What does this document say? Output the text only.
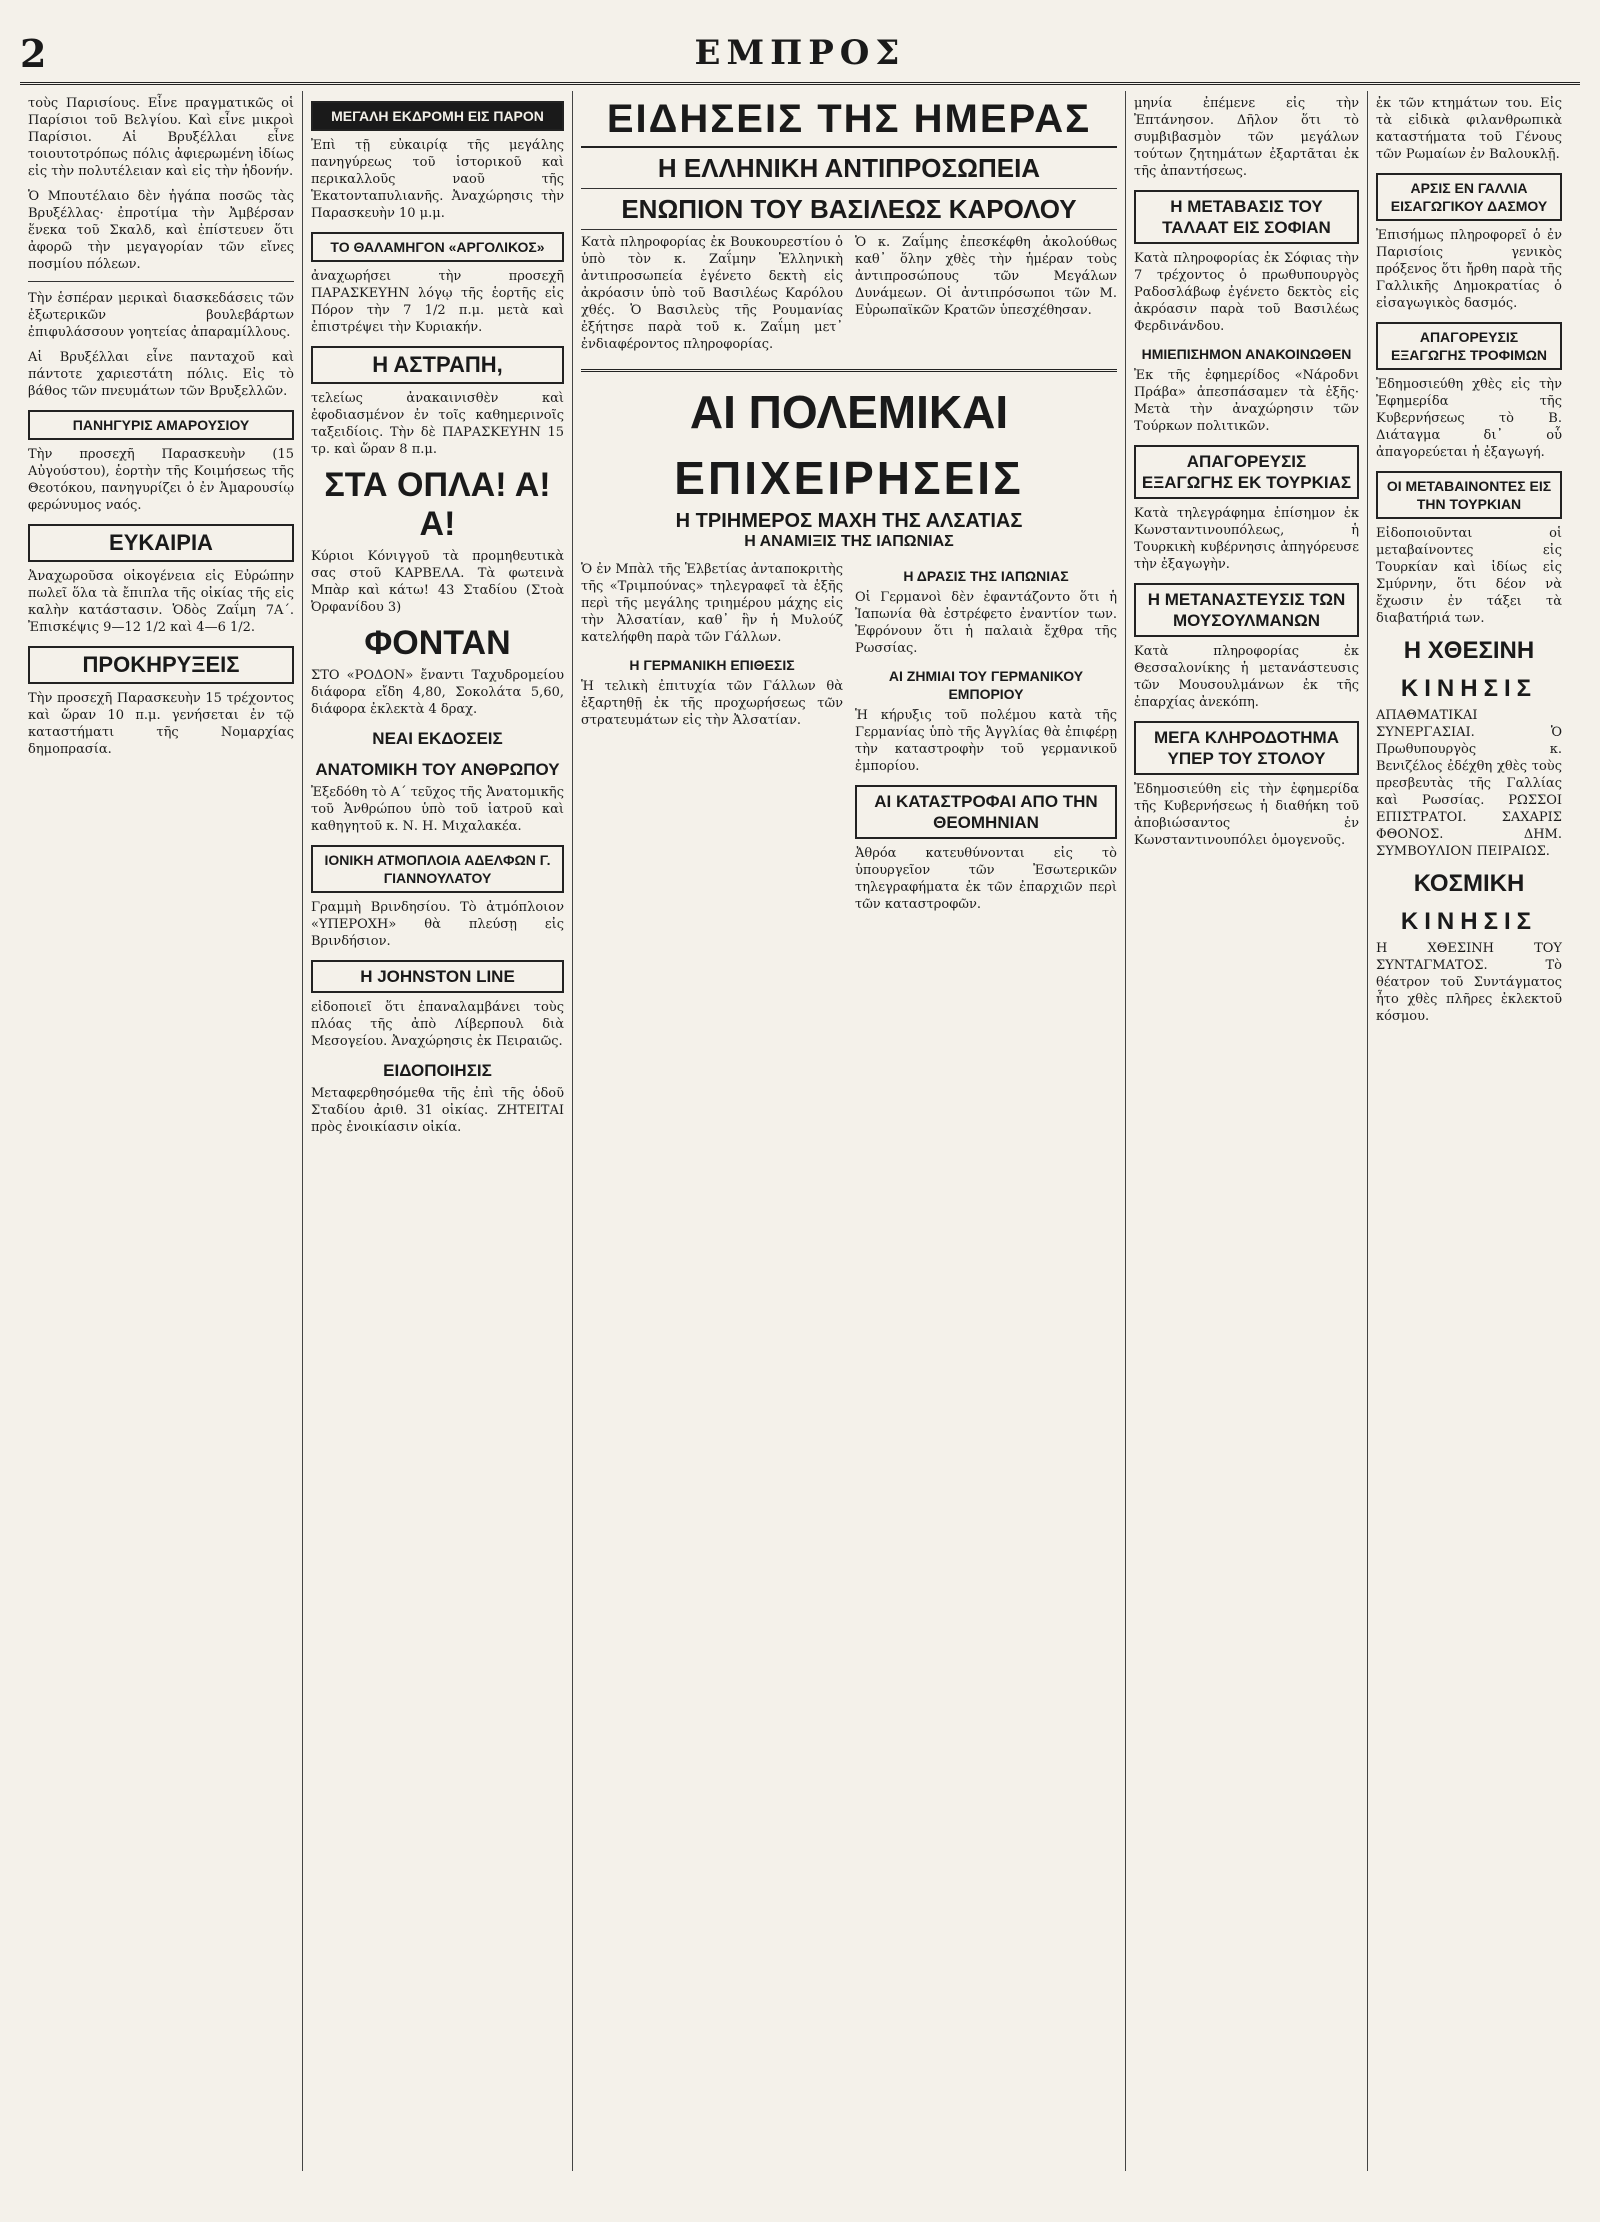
2	ΕΜΠΡΟΣ

τοὺς Παρισίους. Εἶνε πραγματικῶς οἱ Παρίσιοι τοῦ Βελγίου. Καὶ εἶνε μικροὶ Παρίσιοι. Αἱ Βρυξέλλαι εἶνε τοιουτοτρόπως πόλις ἀφιερωμένη ἰδίως εἰς τὴν πολυτέλειαν καὶ εἰς τὴν ἡδονήν.

Ὁ Μπουτέλαιο δὲν ἠγάπα ποσῶς τὰς Βρυξέλλας· ἐπροτίμα τὴν Ἀμβέρσαν ἕνεκα τοῦ Σκαλδ, καὶ ἐπίστευεν ὅτι ἀφορῶ τὴν μεγαγορίαν τῶν εἴνες ποσμίου πόλεων.

Τὴν ἑσπέραν μερικαὶ διασκεδάσεις τῶν ἐξωτερικῶν βουλεβάρτων ἐπιφυλάσσουν γοητείας ἀπαραμίλλους.

Αἱ Βρυξέλλαι εἶνε πανταχοῦ καὶ πάντοτε χαριεστάτη πόλις. Εἰς τὸ βάθος τῶν πνευμάτων τῶν Βρυξελλῶν.

ΠΑΝΗΓΥΡΙΣ ΑΜΑΡΟΥΣΙΟΥ

Τὴν προσεχῆ Παρασκευὴν (15 Αὐγούστου), ἑορτὴν τῆς Κοιμήσεως τῆς Θεοτόκου, πανηγυρίζει ὁ ἐν Ἀμαρουσίῳ φερώνυμος ναός.

ΕΥΚΑΙΡΙΑ

Ἀναχωροῦσα οἰκογένεια εἰς Εὐρώπην πωλεῖ ὅλα τὰ ἔπιπλα τῆς οἰκίας τῆς εἰς καλὴν κατάστασιν. Ὁδὸς Ζαΐμη 7Α΄. Ἐπισκέψις 9—12 1/2 καὶ 4—6 1/2.

ΠΡΟΚΗΡΥΞΕΙΣ

Τὴν προσεχῆ Παρασκευὴν 15 τρέχοντος καὶ ὥραν 10 π.μ. γενήσεται ἐν τῷ καταστήματι τῆς Νομαρχίας δημοπρασία.

ΜΕΓΑΛΗ ΕΚΔΡΟΜΗ ΕΙΣ ΠΑΡΟΝ

Ἐπὶ τῇ εὐκαιρίᾳ τῆς μεγάλης πανηγύρεως τοῦ ἱστορικοῦ καὶ περικαλλοῦς ναοῦ τῆς Ἑκατονταπυλιανῆς. Ἀναχώρησις τὴν Παρασκευὴν 10 μ.μ.

ΤΟ ΘΑΛΑΜΗΓΟΝ «ΑΡΓΟΛΙΚΟΣ»

ἀναχωρήσει τὴν προσεχῆ ΠΑΡΑΣΚΕΥΗΝ λόγῳ τῆς ἑορτῆς εἰς Πόρον τὴν 7 1/2 π.μ. μετὰ καὶ ἐπιστρέψει τὴν Κυριακήν.

Η ΑΣΤΡΑΠΗ,

τελείως ἀνακαινισθὲν καὶ ἐφοδιασμένον ἐν τοῖς καθημερινοῖς ταξειδίοις. Τὴν δὲ ΠΑΡΑΣΚΕΥΗΝ 15 τρ. καὶ ὥραν 8 π.μ.

ΣΤΑ ΟΠΛΑ! Α! Α!

Κύριοι Κόνιγγοῦ τὰ προμηθευτικὰ σας στοῦ ΚΑΡΒΕΛΑ. Τὰ φωτεινὰ Μπὰρ καὶ κάτω! 43 Σταδίου (Στοὰ Ὀρφανίδου 3)

ΦΟΝΤΑΝ

ΣΤΟ «ΡΟΔΟΝ» ἔναντι Ταχυδρομείου διάφορα εἴδη 4,80, Σοκολάτα 5,60, διάφορα ἐκλεκτὰ 4 δραχ.

ΝΕΑΙ ΕΚΔΟΣΕΙΣ
ΑΝΑΤΟΜΙΚΗ ΤΟΥ ΑΝΘΡΩΠΟΥ

Ἐξεδόθη τὸ Α΄ τεῦχος τῆς Ἀνατομικῆς τοῦ Ἀνθρώπου ὑπὸ τοῦ ἰατροῦ καὶ καθηγητοῦ κ. Ν. Η. Μιχαλακέα.

ΙΟΝΙΚΗ ΑΤΜΟΠΛΟΙΑ ΑΔΕΛΦΩΝ Γ. ΓΙΑΝΝΟΥΛΑΤΟΥ

Γραμμὴ Βρινδησίου. Τὸ ἀτμόπλοιον «ΥΠΕΡΟΧΗ» θὰ πλεύσῃ εἰς Βρινδήσιον.

Η JOHNSTON LINE

εἰδοποιεῖ ὅτι ἐπαναλαμβάνει τοὺς πλόας τῆς ἀπὸ Λίβερπουλ διὰ Μεσογείου. Ἀναχώρησις ἐκ Πειραιῶς.

ΕΙΔΟΠΟΙΗΣΙΣ

Μεταφερθησόμεθα τῆς ἐπὶ τῆς ὁδοῦ Σταδίου ἀριθ. 31 οἰκίας. ΖΗΤΕΙΤΑΙ πρὸς ἐνοικίασιν οἰκία.

ΕΙΔΗΣΕΙΣ ΤΗΣ ΗΜΕΡΑΣ
Η ΕΛΛΗΝΙΚΗ ΑΝΤΙΠΡΟΣΩΠΕΙΑ
ΕΝΩΠΙΟΝ ΤΟΥ ΒΑΣΙΛΕΩΣ ΚΑΡΟΛΟΥ

Κατὰ πληροφορίας ἐκ Βουκουρεστίου ὁ ὑπὸ τὸν κ. Ζαΐμην Ἑλληνικὴ ἀντιπροσωπεία ἐγένετο δεκτὴ εἰς ἀκρόασιν ὑπὸ τοῦ Βασιλέως Καρόλου χθές. Ὁ Βασιλεὺς τῆς Ρουμανίας ἐξήτησε παρὰ τοῦ κ. Ζαΐμη μετ᾽ ἐνδιαφέροντος πληροφορίας.

Ὁ κ. Ζαΐμης ἐπεσκέφθη ἀκολούθως καθ᾽ ὅλην χθὲς τὴν ἡμέραν τοὺς ἀντιπροσώπους τῶν Μεγάλων Δυνάμεων. Οἱ ἀντιπρόσωποι τῶν Μ. Εὐρωπαϊκῶν Κρατῶν ὑπεσχέθησαν.

ΑΙ ΠΟΛΕΜΙΚΑΙ
ΕΠΙΧΕΙΡΗΣΕΙΣ
Η ΤΡΙΗΜΕΡΟΣ ΜΑΧΗ ΤΗΣ ΑΛΣΑΤΙΑΣ
Η ΑΝΑΜΙΞΙΣ ΤΗΣ ΙΑΠΩΝΙΑΣ

Ὁ ἐν Μπὰλ τῆς Ἑλβετίας ἀνταποκριτὴς τῆς «Τριμπούνας» τηλεγραφεῖ τὰ ἑξῆς περὶ τῆς μεγάλης τριημέρου μάχης εἰς τὴν Ἀλσατίαν, καθ᾽ ἣν ἡ Μυλούζ κατελήφθη παρὰ τῶν Γάλλων.

Η ΓΕΡΜΑΝΙΚΗ ΕΠΙΘΕΣΙΣ

Ἡ τελικὴ ἐπιτυχία τῶν Γάλλων θὰ ἐξαρτηθῇ ἐκ τῆς προχωρήσεως τῶν στρατευμάτων εἰς τὴν Ἀλσατίαν.

Η ΔΡΑΣΙΣ ΤΗΣ ΙΑΠΩΝΙΑΣ

Οἱ Γερμανοὶ δὲν ἐφαντάζοντο ὅτι ἡ Ἰαπωνία θὰ ἐστρέφετο ἐναντίον των. Ἐφρόνουν ὅτι ἡ παλαιὰ ἔχθρα τῆς Ρωσσίας.

ΑΙ ΖΗΜΙΑΙ ΤΟΥ ΓΕΡΜΑΝΙΚΟΥ ΕΜΠΟΡΙΟΥ

Ἡ κήρυξις τοῦ πολέμου κατὰ τῆς Γερμανίας ὑπὸ τῆς Ἀγγλίας θὰ ἐπιφέρῃ τὴν καταστροφὴν τοῦ γερμανικοῦ ἐμπορίου.

ΑΙ ΚΑΤΑΣΤΡΟΦΑΙ ΑΠΟ ΤΗΝ ΘΕΟΜΗΝΙΑΝ

Ἀθρόα κατευθύνονται εἰς τὸ ὑπουργεῖον τῶν Ἐσωτερικῶν τηλεγραφήματα ἐκ τῶν ἐπαρχιῶν περὶ τῶν καταστροφῶν.

μηνία ἐπέμενε εἰς τὴν Ἐπτάνησον. Δῆλον ὅτι τὸ συμβιβασμὸν τῶν μεγάλων τούτων ζητημάτων ἐξαρτᾶται ἐκ τῆς ἀπαντήσεως.

Η ΜΕΤΑΒΑΣΙΣ ΤΟΥ ΤΑΛΑΑΤ ΕΙΣ ΣΟΦΙΑΝ

Κατὰ πληροφορίας ἐκ Σόφιας τὴν 7 τρέχοντος ὁ πρωθυπουργὸς Ραδοσλάβωφ ἐγένετο δεκτὸς εἰς ἀκρόασιν παρὰ τοῦ Βασιλέως Φερδινάνδου.

ΗΜΙΕΠΙΣΗΜΟΝ ΑΝΑΚΟΙΝΩΘΕΝ

Ἐκ τῆς ἐφημερίδος «Νάροδνι Πράβα» ἀπεσπάσαμεν τὰ ἑξῆς· Μετὰ τὴν ἀναχώρησιν τῶν Τούρκων πολιτικῶν.

ΑΠΑΓΟΡΕΥΣΙΣ ΕΞΑΓΩΓΗΣ ΕΚ ΤΟΥΡΚΙΑΣ

Κατὰ τηλεγράφημα ἐπίσημον ἐκ Κωνσταντινουπόλεως, ἡ Τουρκικὴ κυβέρνησις ἀπηγόρευσε τὴν ἐξαγωγὴν.

Η ΜΕΤΑΝΑΣΤΕΥΣΙΣ ΤΩΝ ΜΟΥΣΟΥΛΜΑΝΩΝ

Κατὰ πληροφορίας ἐκ Θεσσαλονίκης ἡ μετανάστευσις τῶν Μουσουλμάνων ἐκ τῆς ἐπαρχίας ἀνεκόπη.

ΜΕΓΑ ΚΛΗΡΟΔΟΤΗΜΑ ΥΠΕΡ ΤΟΥ ΣΤΟΛΟΥ

Ἐδημοσιεύθη εἰς τὴν ἐφημερίδα τῆς Κυβερνήσεως ἡ διαθήκη τοῦ ἀποβιώσαντος ἐν Κωνσταντινουπόλει ὁμογενοῦς.

ἐκ τῶν κτημάτων του. Εἰς τὰ εἰδικὰ φιλανθρωπικὰ καταστήματα τοῦ Γένους τῶν Ρωμαίων ἐν Βαλουκλῇ.

ΑΡΣΙΣ ΕΝ ΓΑΛΛΙΑ ΕΙΣΑΓΩΓΙΚΟΥ ΔΑΣΜΟΥ

Ἐπισήμως πληροφορεῖ ὁ ἐν Παρισίοις γενικὸς πρόξενος ὅτι ἤρθη παρὰ τῆς Γαλλικῆς Δημοκρατίας ὁ εἰσαγωγικὸς δασμός.

ΑΠΑΓΟΡΕΥΣΙΣ ΕΞΑΓΩΓΗΣ ΤΡΟΦΙΜΩΝ

Ἐδημοσιεύθη χθὲς εἰς τὴν Ἐφημερίδα τῆς Κυβερνήσεως τὸ Β. Διάταγμα δι᾽ οὗ ἀπαγορεύεται ἡ ἐξαγωγή.

ΟΙ ΜΕΤΑΒΑΙΝΟΝΤΕΣ ΕΙΣ ΤΗΝ ΤΟΥΡΚΙΑΝ

Εἰδοποιοῦνται οἱ μεταβαίνοντες εἰς Τουρκίαν καὶ ἰδίως εἰς Σμύρνην, ὅτι δέον νὰ ἔχωσιν ἐν τάξει τὰ διαβατήριά των.

Η ΧΘΕΣΙΝΗ
ΚΙΝΗΣΙΣ

ΑΠΑΘΜΑΤΙΚΑΙ ΣΥΝΕΡΓΑΣΙΑΙ. Ὁ Πρωθυπουργὸς κ. Βενιζέλος ἐδέχθη χθὲς τοὺς πρεσβευτὰς τῆς Γαλλίας καὶ Ρωσσίας. ΡΩΣΣΟΙ ΕΠΙΣΤΡΑΤΟΙ. ΣΑΧΑΡΙΣ ΦΘΟΝΟΣ. ΔΗΜ. ΣΥΜΒΟΥΛΙΟΝ ΠΕΙΡΑΙΩΣ.

ΚΟΣΜΙΚΗ
ΚΙΝΗΣΙΣ

Η ΧΘΕΣΙΝΗ ΤΟΥ ΣΥΝΤΑΓΜΑΤΟΣ. Τὸ θέατρον τοῦ Συντάγματος ἦτο χθὲς πλῆρες ἐκλεκτοῦ κόσμου.
